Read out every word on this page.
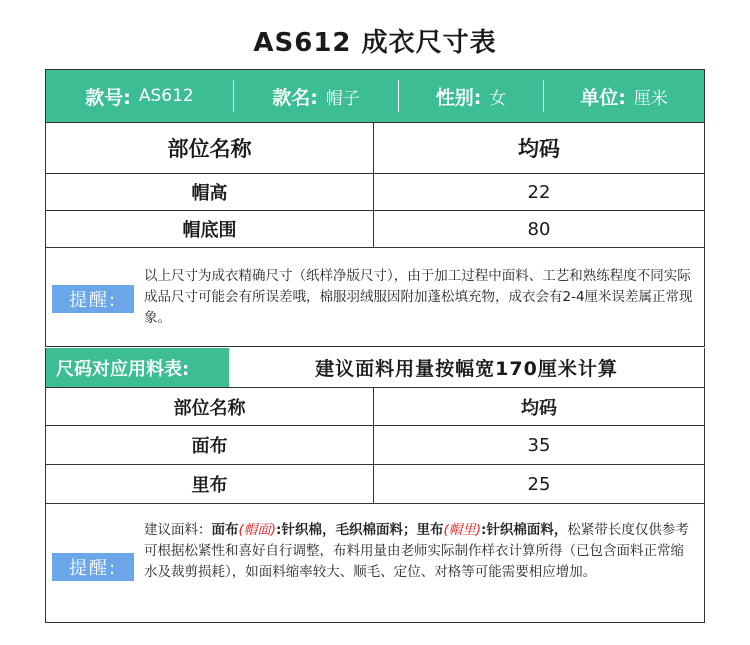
AS612 成衣尺寸表
款号: AS612	款名: 帽子	性别: 女	单位: 厘米
部位名称	均码
帽高	22
帽底围	80
提醒:
以上尺寸为成衣精确尺寸（纸样净版尺寸），由于加工过程中面料、工艺和熟练程度不同实际成品尺寸可能会有所误差哦，棉服羽绒服因附加蓬松填充物，成衣会有2-4厘米误差属正常现象。
尺码对应用料表:	建议面料用量按幅宽170厘米计算
部位名称	均码
面布	35
里布	25
提醒:
建议面料：面布(帽面):针织棉，毛织棉面料；里布(帽里):针织棉面料，松紧带长度仅供参考可根据松紧性和喜好自行调整，布料用量由老师实际制作样衣计算所得（已包含面料正常缩水及裁剪损耗），如面料缩率较大、顺毛、定位、对格等可能需要相应增加。
